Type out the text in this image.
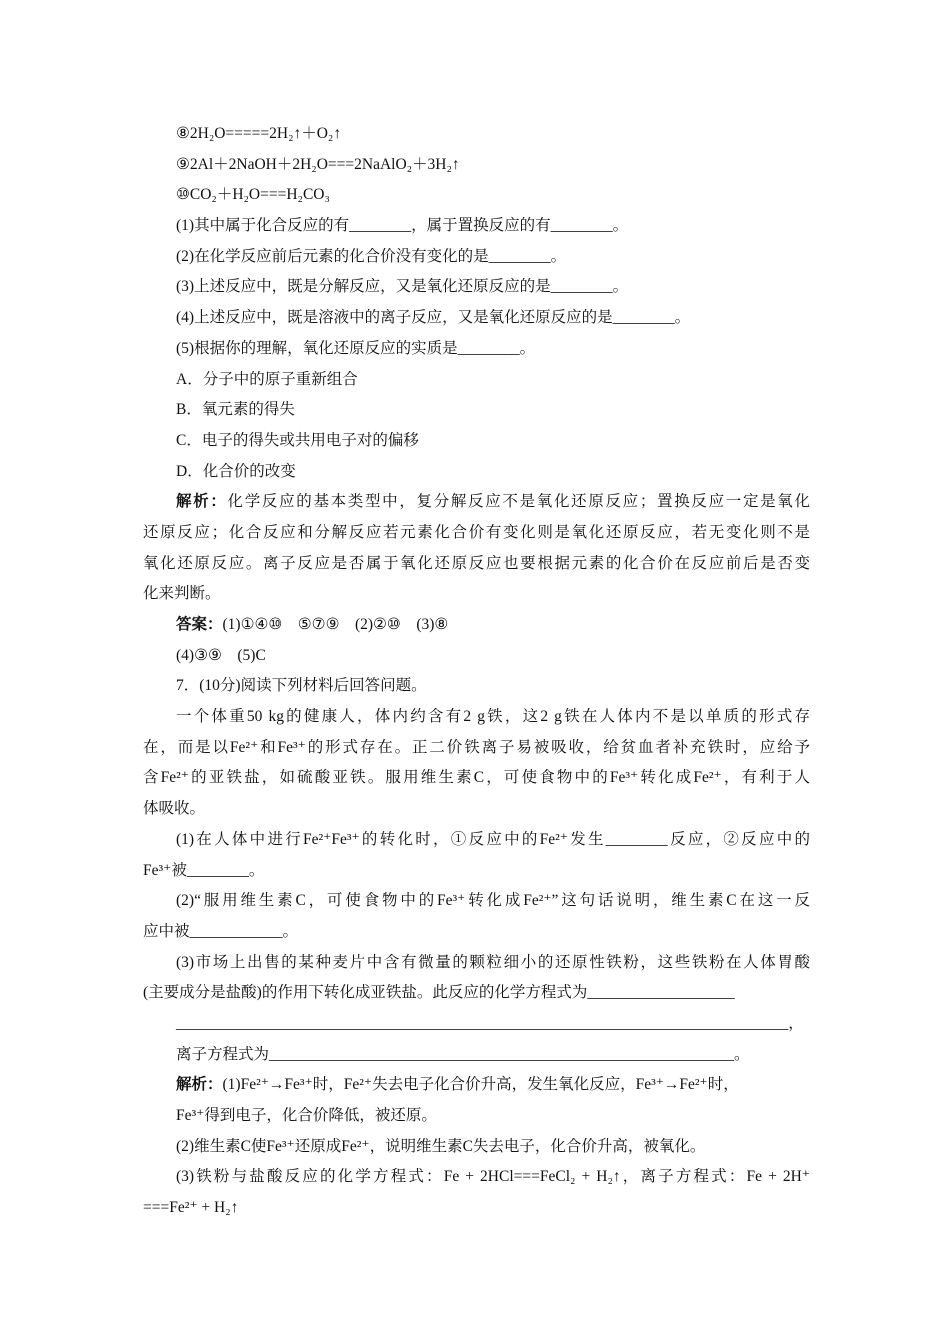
⑧2H₂O=====2H₂↑＋O₂↑
⑨2Al＋2NaOH＋2H₂O===2NaAlO₂＋3H₂↑
⑩CO₂＋H₂O===H₂CO₃
(1)其中属于化合反应的有________，属于置换反应的有________。
(2)在化学反应前后元素的化合价没有变化的是________。
(3)上述反应中，既是分解反应，又是氧化还原反应的是________。
(4)上述反应中，既是溶液中的离子反应，又是氧化还原反应的是________。
(5)根据你的理解，氧化还原反应的实质是________。
A．分子中的原子重新组合
B．氧元素的得失
C．电子的得失或共用电子对的偏移
D．化合价的改变
解析：化学反应的基本类型中，复分解反应不是氧化还原反应；置换反应一定是氧化
还原反应；化合反应和分解反应若元素化合价有变化则是氧化还原反应，若无变化则不是
氧化还原反应。离子反应是否属于氧化还原反应也要根据元素的化合价在反应前后是否变
化来判断。
答案：(1)①④⑩　⑤⑦⑨　(2)②⑩　(3)⑧
(4)③⑨　(5)C
7．(10分)阅读下列材料后回答问题。
一个体重50 kg的健康人，体内约含有2 g铁，这2 g铁在人体内不是以单质的形式存
在，而是以Fe²⁺和Fe³⁺的形式存在。正二价铁离子易被吸收，给贫血者补充铁时，应给予
含Fe²⁺的亚铁盐，如硫酸亚铁。服用维生素C，可使食物中的Fe³⁺转化成Fe²⁺，有利于人
体吸收。
(1)在人体中进行Fe²⁺Fe³⁺的转化时，①反应中的Fe²⁺发生________反应，②反应中的
Fe³⁺被________。
(2)“服用维生素C，可使食物中的Fe³⁺转化成Fe²⁺”这句话说明，维生素C在这一反
应中被____________。
(3)市场上出售的某种麦片中含有微量的颗粒细小的还原性铁粉，这些铁粉在人体胃酸
(主要成分是盐酸)的作用下转化成亚铁盐。此反应的化学方程式为___________________
_______________________________________________________________________________，
离子方程式为____________________________________________________________。
解析：(1)Fe²⁺→Fe³⁺时，Fe²⁺失去电子化合价升高，发生氧化反应，Fe³⁺→Fe²⁺时，
Fe³⁺得到电子，化合价降低，被还原。
(2)维生素C使Fe³⁺还原成Fe²⁺，说明维生素C失去电子，化合价升高，被氧化。
(3)铁粉与盐酸反应的化学方程式：Fe + 2HCl===FeCl₂ + H₂↑，离子方程式：Fe + 2H⁺
===Fe²⁺ + H₂↑
